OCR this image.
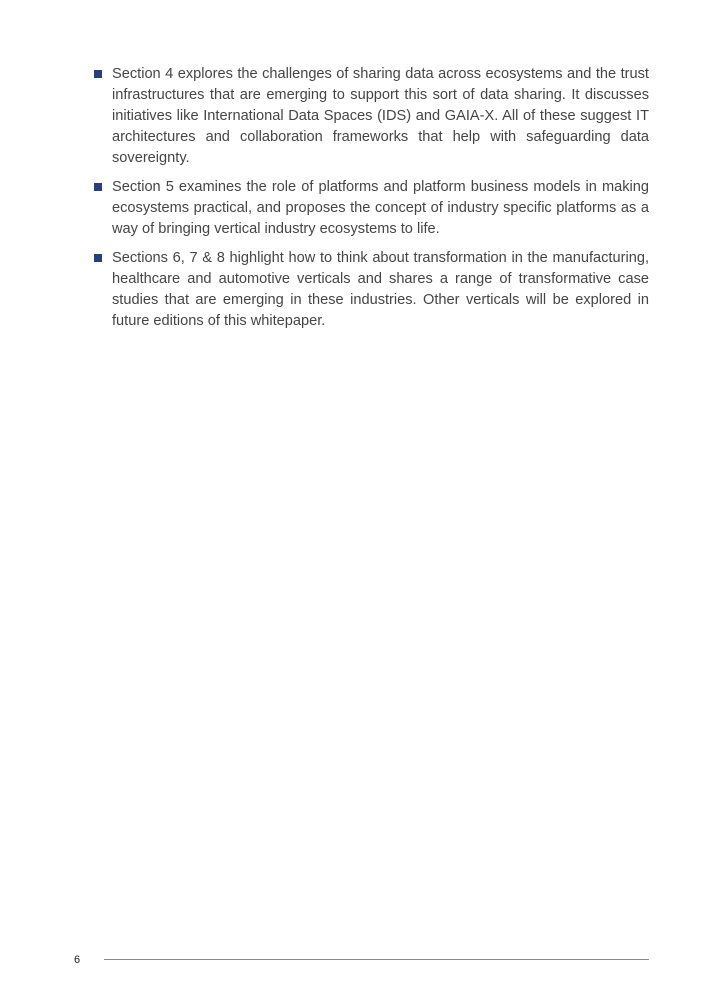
Section 4 explores the challenges of sharing data across ecosystems and the trust infrastructures that are emerging to support this sort of data sharing. It discusses initiatives like International Data Spaces (IDS) and GAIA-X. All of these suggest IT architectures and collaboration frameworks that help with safeguarding data sovereignty.
Section 5 examines the role of platforms and platform business models in making ecosystems practical, and proposes the concept of industry specific platforms as a way of bringing vertical industry ecosystems to life.
Sections 6, 7 & 8 highlight how to think about transformation in the manufacturing, healthcare and automotive verticals and shares a range of transformative case studies that are emerging in these industries. Other verticals will be explored in future editions of this whitepaper.
6
